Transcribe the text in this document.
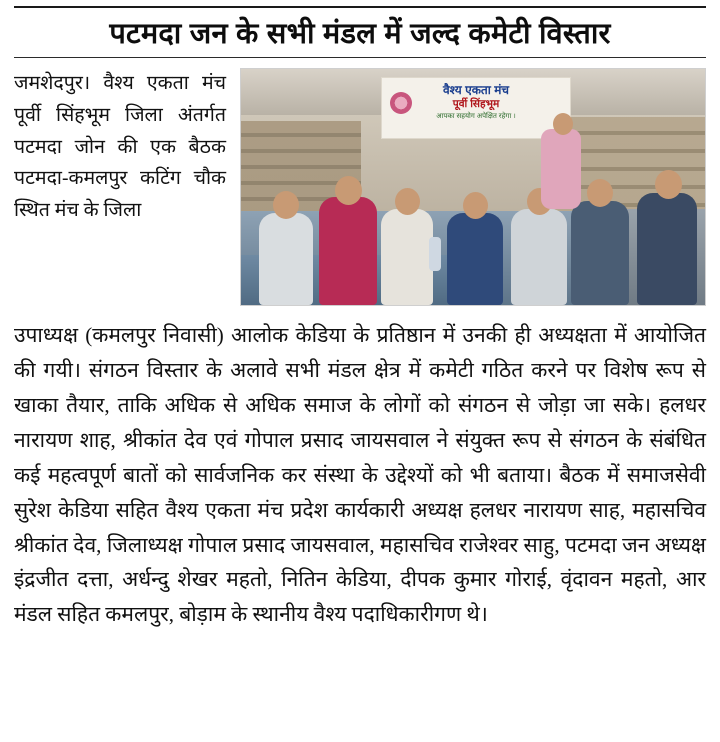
पटमदा जन के सभी मंडल में जल्द कमेटी विस्तार
जमशेदपुर। वैश्य एकता मंच पूर्वी सिंहभूम जिला अंतर्गत पटमदा जोन की एक बैठक पटमदा-कमलपुर कटिंग चौक स्थित मंच के जिला
वैश्य एकता मंच
पूर्वी सिंहभूम
आपका सहयोग अपेक्षित रहेगा ।

उपाध्यक्ष (कमलपुर निवासी) आलोक केडिया के प्रतिष्ठान में उनकी ही अध्यक्षता में आयोजित की गयी। संगठन विस्तार के अलावे सभी मंडल क्षेत्र में कमेटी गठित करने पर विशेष रूप से खाका तैयार, ताकि अधिक से अधिक समाज के लोगों को संगठन से जोड़ा जा सके। हलधर नारायण शाह, श्रीकांत देव एवं गोपाल प्रसाद जायसवाल ने संयुक्त रूप से संगठन के संबंधित कई महत्वपूर्ण बातों को सार्वजनिक कर संस्था के उद्देश्यों को भी बताया। बैठक में समाजसेवी सुरेश केडिया सहित वैश्य एकता मंच प्रदेश कार्यकारी अध्यक्ष हलधर नारायण साह, महासचिव श्रीकांत देव, जिलाध्यक्ष गोपाल प्रसाद जायसवाल, महासचिव राजेश्वर साहु, पटमदा जन अध्यक्ष इंद्रजीत दत्ता, अर्धन्दु शेखर महतो, नितिन केडिया, दीपक कुमार गोराई, वृंदावन महतो, आर मंडल सहित कमलपुर, बोड़ाम के स्थानीय वैश्य पदाधिकारीगण थे।
